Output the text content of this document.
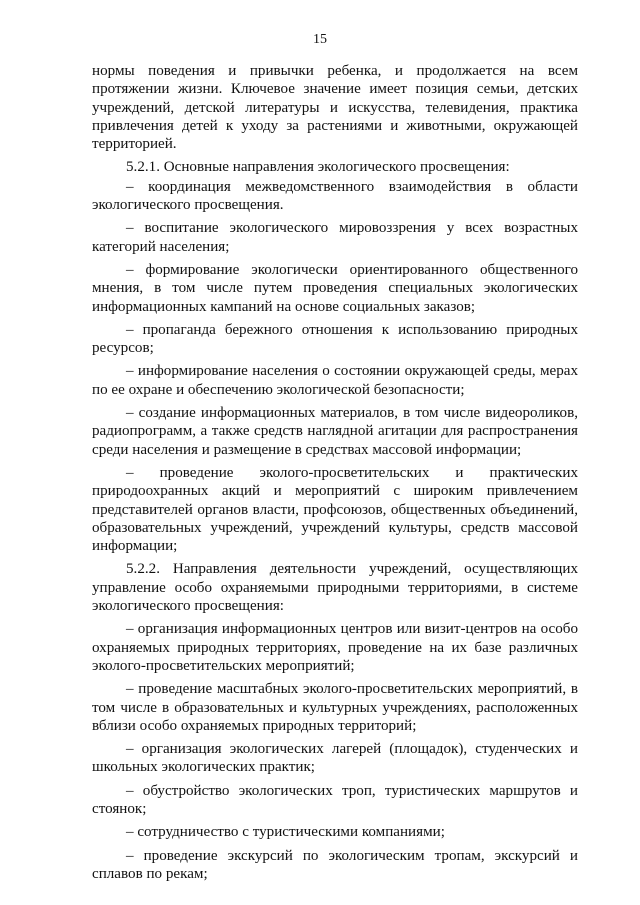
15

нормы поведения и привычки ребенка, и продолжается на всем протяжении жизни. Ключевое значение имеет позиция семьи, детских учреждений, детской литературы и искусства, телевидения, практика привлечения детей к уходу за растениями и животными, окружающей территорией.

5.2.1. Основные направления экологического просвещения:

– координация межведомственного взаимодействия в области экологического просвещения.

– воспитание экологического мировоззрения у всех возрастных категорий населения;

– формирование экологически ориентированного общественного мнения, в том числе путем проведения специальных экологических информационных кампаний на основе социальных заказов;

– пропаганда бережного отношения к использованию природных ресурсов;

– информирование населения о состоянии окружающей среды, мерах по ее охране и обеспечению экологической безопасности;

– создание информационных материалов, в том числе видеороликов, радиопрограмм, а также средств наглядной агитации для распространения среди населения и размещение в средствах массовой информации;

– проведение эколого-просветительских и практических природоохранных акций и мероприятий с широким привлечением представителей органов власти, профсоюзов, общественных объединений, образовательных учреждений, учреждений культуры, средств массовой информации;

5.2.2. Направления деятельности учреждений, осуществляющих управление особо охраняемыми природными территориями, в системе экологического просвещения:

– организация информационных центров или визит-центров на особо охраняемых природных территориях, проведение на их базе различных эколого-просветительских мероприятий;

– проведение масштабных эколого-просветительских мероприятий, в том числе в образовательных и культурных учреждениях, расположенных вблизи особо охраняемых природных территорий;

– организация экологических лагерей (площадок), студенческих и школьных экологических практик;

– обустройство экологических троп, туристических маршрутов и стоянок;

– сотрудничество с туристическими компаниями;

– проведение экскурсий по экологическим тропам, экскурсий и сплавов по рекам;
